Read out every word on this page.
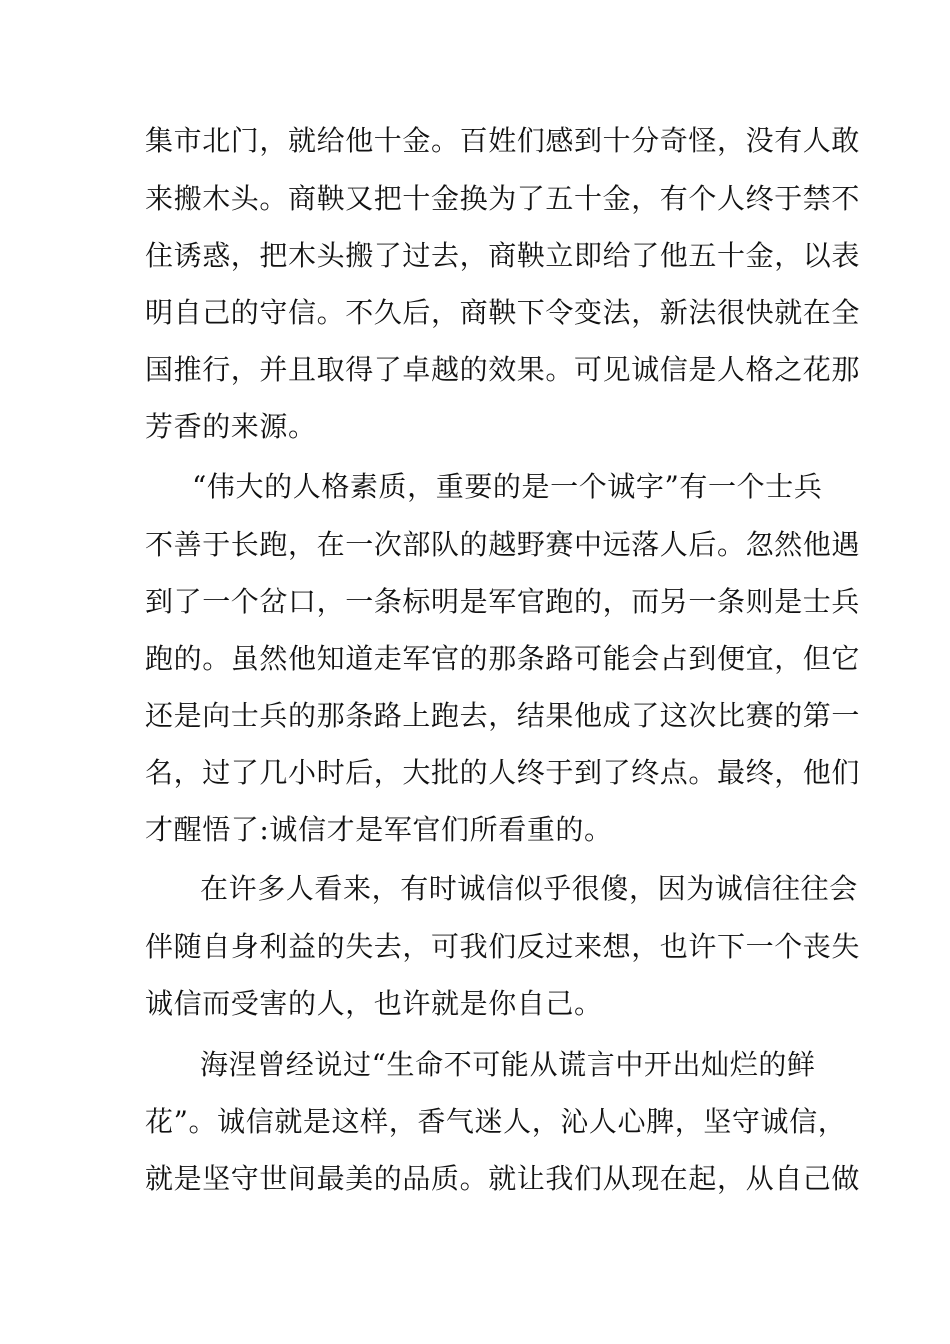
集市北门，就给他十金。百姓们感到十分奇怪，没有人敢
来搬木头。商鞅又把十金换为了五十金，有个人终于禁不
住诱惑，把木头搬了过去，商鞅立即给了他五十金，以表
明自己的守信。不久后，商鞅下令变法，新法很快就在全
国推行，并且取得了卓越的效果。可见诚信是人格之花那
芳香的来源。
“伟大的人格素质，重要的是一个诚字”有一个士兵
不善于长跑，在一次部队的越野赛中远落人后。忽然他遇
到了一个岔口，一条标明是军官跑的，而另一条则是士兵
跑的。虽然他知道走军官的那条路可能会占到便宜，但它
还是向士兵的那条路上跑去，结果他成了这次比赛的第一
名，过了几小时后，大批的人终于到了终点。最终，他们
才醒悟了:诚信才是军官们所看重的。
在许多人看来，有时诚信似乎很傻，因为诚信往往会
伴随自身利益的失去，可我们反过来想，也许下一个丧失
诚信而受害的人，也许就是你自己。
海涅曾经说过“生命不可能从谎言中开出灿烂的鲜
花”。诚信就是这样，香气迷人，沁人心脾，坚守诚信，
就是坚守世间最美的品质。就让我们从现在起，从自己做
